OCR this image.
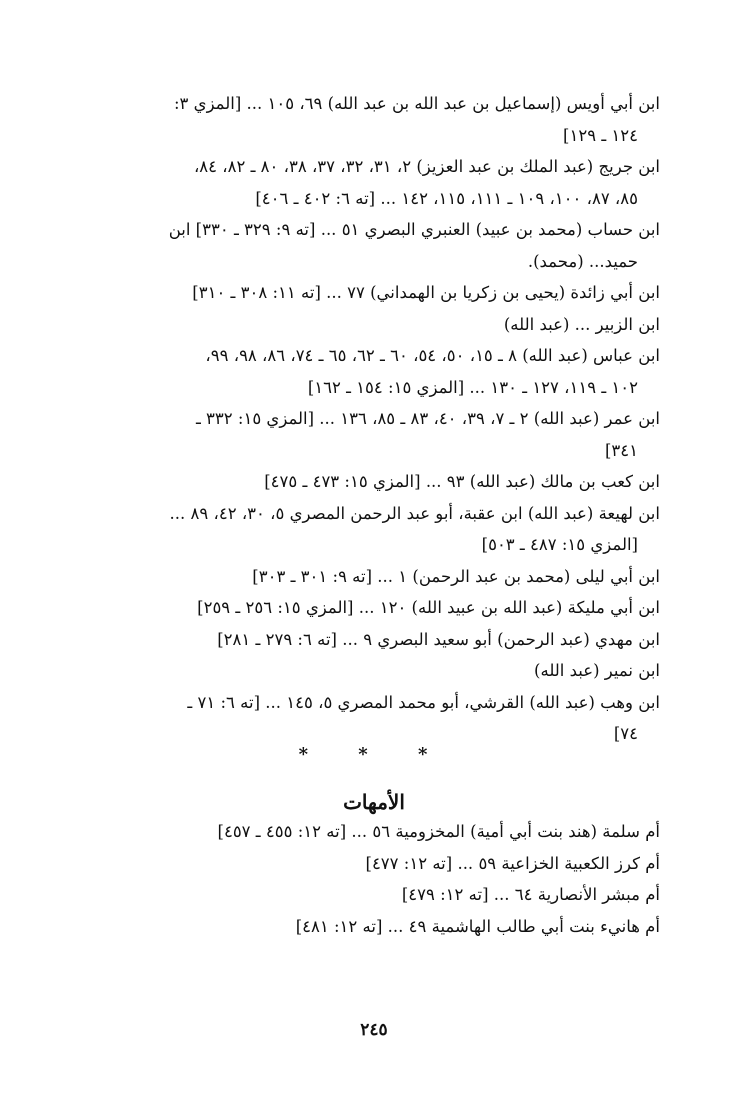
ابن أبي أويس (إسماعيل بن عبد الله بن عبد الله) ٦٩، ١٠٥ ... [المزي ٣:
١٢٤ ـ ١٢٩]
ابن جريج (عبد الملك بن عبد العزيز) ٢، ٣١، ٣٢، ٣٧، ٣٨، ٨٠ ـ ٨٢، ٨٤،
٨٥، ٨٧، ١٠٠، ١٠٩ ـ ١١١، ١١٥، ١٤٢ ... [ته ٦: ٤٠٢ ـ ٤٠٦]
ابن حساب (محمد بن عبيد) العنبري البصري ٥١ ... [ته ٩: ٣٢٩ ـ ٣٣٠] ابن
حميد... (محمد).
ابن أبي زائدة (يحيى بن زكريا بن الهمداني) ٧٧ ... [ته ١١: ٣٠٨ ـ ٣١٠]
ابن الزبير ... (عبد الله)
ابن عباس (عبد الله) ٨ ـ ١٥، ٥٠، ٥٤، ٦٠ ـ ٦٢، ٦٥ ـ ٧٤، ٨٦، ٩٨، ٩٩،
١٠٢ ـ ١١٩، ١٢٧ ـ ١٣٠ ... [المزي ١٥: ١٥٤ ـ ١٦٢]
ابن عمر (عبد الله) ٢ ـ ٧، ٣٩، ٤٠، ٨٣ ـ ٨٥، ١٣٦ ... [المزي ١٥: ٣٣٢ ـ
٣٤١]
ابن كعب بن مالك (عبد الله) ٩٣ ... [المزي ١٥: ٤٧٣ ـ ٤٧٥]
ابن لهيعة (عبد الله) ابن عقبة، أبو عبد الرحمن المصري ٥، ٣٠، ٤٢، ٨٩ ...
[المزي ١٥: ٤٨٧ ـ ٥٠٣]
ابن أبي ليلى (محمد بن عبد الرحمن) ١ ... [ته ٩: ٣٠١ ـ ٣٠٣]
ابن أبي مليكة (عبد الله بن عبيد الله) ١٢٠ ... [المزي ١٥: ٢٥٦ ـ ٢٥٩]
ابن مهدي (عبد الرحمن) أبو سعيد البصري ٩ ... [ته ٦: ٢٧٩ ـ ٢٨١]
ابن نمير (عبد الله)
ابن وهب (عبد الله) القرشي، أبو محمد المصري ٥، ١٤٥ ... [ته ٦: ٧١ ـ
٧٤]
* * *
الأمهات
أم سلمة (هند بنت أبي أمية) المخزومية ٥٦ ... [ته ١٢: ٤٥٥ ـ ٤٥٧]
أم كرز الكعبية الخزاعية ٥٩ ... [ته ١٢: ٤٧٧]
أم مبشر الأنصارية ٦٤ ... [ته ١٢: ٤٧٩]
أم هانيء بنت أبي طالب الهاشمية ٤٩ ... [ته ١٢: ٤٨١]
٢٤٥
